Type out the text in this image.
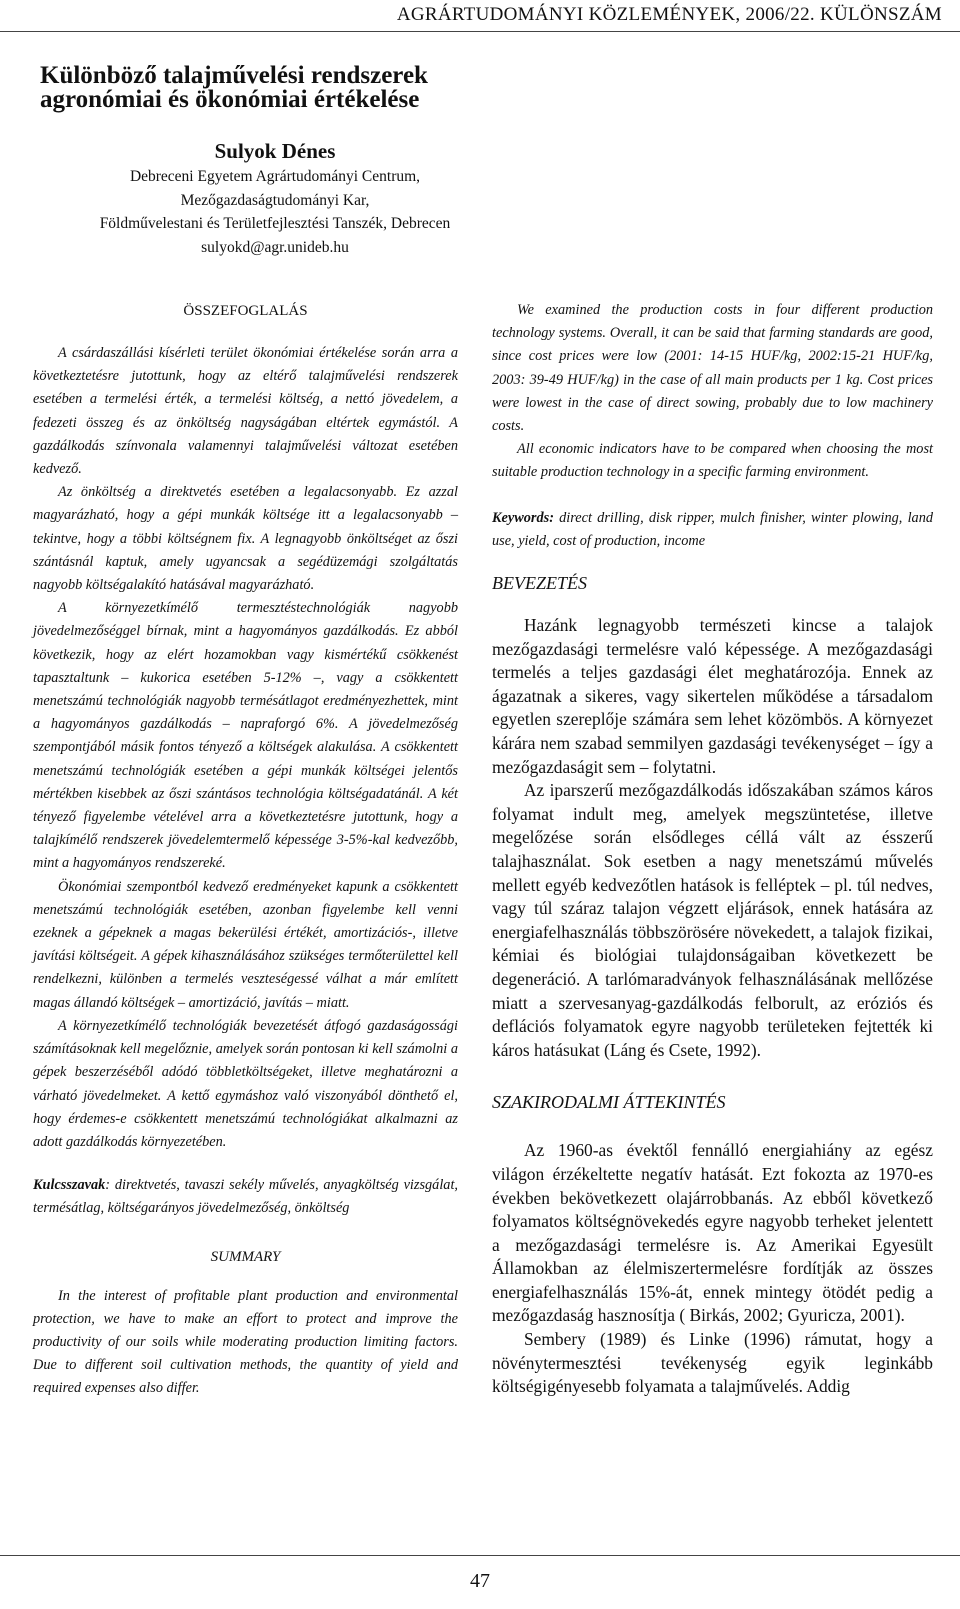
AGRÁRTUDOMÁNYI KÖZLEMÉNYEK, 2006/22. KÜLÖNSZÁM
Különböző talajművelési rendszerek
agronómiai és ökonómiai értékelése
Sulyok Dénes
Debreceni Egyetem Agrártudományi Centrum,
Mezőgazdaságtudományi Kar,
Földművelestani és Területfejlesztési Tanszék, Debrecen
sulyokd@agr.unideb.hu

ÖSSZEFOGLALÁS

A csárdaszállási kísérleti terület ökonómiai értékelése során arra a következtetésre jutottunk, hogy az eltérő talajművelési rendszerek esetében a termelési érték, a termelési költség, a nettó jövedelem, a fedezeti összeg és az önköltség nagyságában eltértek egymástól. A gazdálkodás színvonala valamennyi talajművelési változat esetében kedvező.

Az önköltség a direktvetés esetében a legalacsonyabb. Ez azzal magyarázható, hogy a gépi munkák költsége itt a legalacsonyabb – tekintve, hogy a többi költségnem fix. A legnagyobb önköltséget az őszi szántásnál kaptuk, amely ugyancsak a segédüzemági szolgáltatás nagyobb költségalakító hatásával magyarázható.

A környezetkímélő termesztéstechnológiák nagyobb jövedelmezőséggel bírnak, mint a hagyományos gazdálkodás. Ez abból következik, hogy az elért hozamokban vagy kismértékű csökkenést tapasztaltunk – kukorica esetében 5-12% –, vagy a csökkentett menetszámú technológiák nagyobb termésátlagot eredményezhettek, mint a hagyományos gazdálkodás – napraforgó 6%. A jövedelmezőség szempontjából másik fontos tényező a költségek alakulása. A csökkentett menetszámú technológiák esetében a gépi munkák költségei jelentős mértékben kisebbek az őszi szántásos technológia költségadatánál. A két tényező figyelembe vételével arra a következtetésre jutottunk, hogy a talajkímélő rendszerek jövedelemtermelő képessége 3-5%-kal kedvezőbb, mint a hagyományos rendszereké.

Ökonómiai szempontból kedvező eredményeket kapunk a csökkentett menetszámú technológiák esetében, azonban figyelembe kell venni ezeknek a gépeknek a magas bekerülési értékét, amortizációs-, illetve javítási költségeit. A gépek kihasználásához szükséges termőterülettel kell rendelkezni, különben a termelés veszteségessé válhat a már említett magas állandó költségek – amortizáció, javítás – miatt.

A környezetkímélő technológiák bevezetését átfogó gazdaságossági számításoknak kell megelőznie, amelyek során pontosan ki kell számolni a gépek beszerzéséből adódó többletköltségeket, illetve meghatározni a várható jövedelmeket. A kettő egymáshoz való viszonyából dönthető el, hogy érdemes-e csökkentett menetszámú technológiákat alkalmazni az adott gazdálkodás környezetében.

Kulcsszavak: direktvetés, tavaszi sekély művelés, anyagköltség vizsgálat, termésátlag, költségarányos jövedelmezőség, önköltség

SUMMARY

In the interest of profitable plant production and environmental protection, we have to make an effort to protect and improve the productivity of our soils while moderating production limiting factors. Due to different soil cultivation methods, the quantity of yield and required expenses also differ.

We examined the production costs in four different production technology systems. Overall, it can be said that farming standards are good, since cost prices were low (2001: 14-15 HUF/kg, 2002:15-21 HUF/kg, 2003: 39-49 HUF/kg) in the case of all main products per 1 kg. Cost prices were lowest in the case of direct sowing, probably due to low machinery costs.

All economic indicators have to be compared when choosing the most suitable production technology in a specific farming environment.

Keywords: direct drilling, disk ripper, mulch finisher, winter plowing, land use, yield, cost of production, income

BEVEZETÉS

Hazánk legnagyobb természeti kincse a talajok mezőgazdasági termelésre való képessége. A mezőgazdasági termelés a teljes gazdasági élet meghatározója. Ennek az ágazatnak a sikeres, vagy sikertelen működése a társadalom egyetlen szereplője számára sem lehet közömbös. A környezet kárára nem szabad semmilyen gazdasági tevékenységet – így a mezőgazdaságit sem – folytatni.

Az iparszerű mezőgazdálkodás időszakában számos káros folyamat indult meg, amelyek megszüntetése, illetve megelőzése során elsődleges céllá vált az ésszerű talajhasználat. Sok esetben a nagy menetszámú művelés mellett egyéb kedvezőtlen hatások is felléptek – pl. túl nedves, vagy túl száraz talajon végzett eljárások, ennek hatására az energiafelhasználás többszörösére növekedett, a talajok fizikai, kémiai és biológiai tulajdonságaiban következett be degeneráció. A tarlómaradványok felhasználásának mellőzése miatt a szervesanyag-gazdálkodás felborult, az eróziós és deflációs folyamatok egyre nagyobb területeken fejtették ki káros hatásukat (Láng és Csete, 1992).

SZAKIRODALMI ÁTTEKINTÉS

Az 1960-as évektől fennálló energiahiány az egész világon érzékeltette negatív hatását. Ezt fokozta az 1970-es években bekövetkezett olajárrobbanás. Az ebből következő folyamatos költségnövekedés egyre nagyobb terheket jelentett a mezőgazdasági termelésre is. Az Amerikai Egyesült Államokban az élelmiszertermelésre fordítják az összes energiafelhasználás 15%-át, ennek mintegy ötödét pedig a mezőgazdaság hasznosítja ( Birkás, 2002; Gyuricza, 2001).

Sembery (1989) és Linke (1996) rámutat, hogy a növénytermesztési tevékenység egyik leginkább költségigényesebb folyamata a talajművelés. Addig

47
